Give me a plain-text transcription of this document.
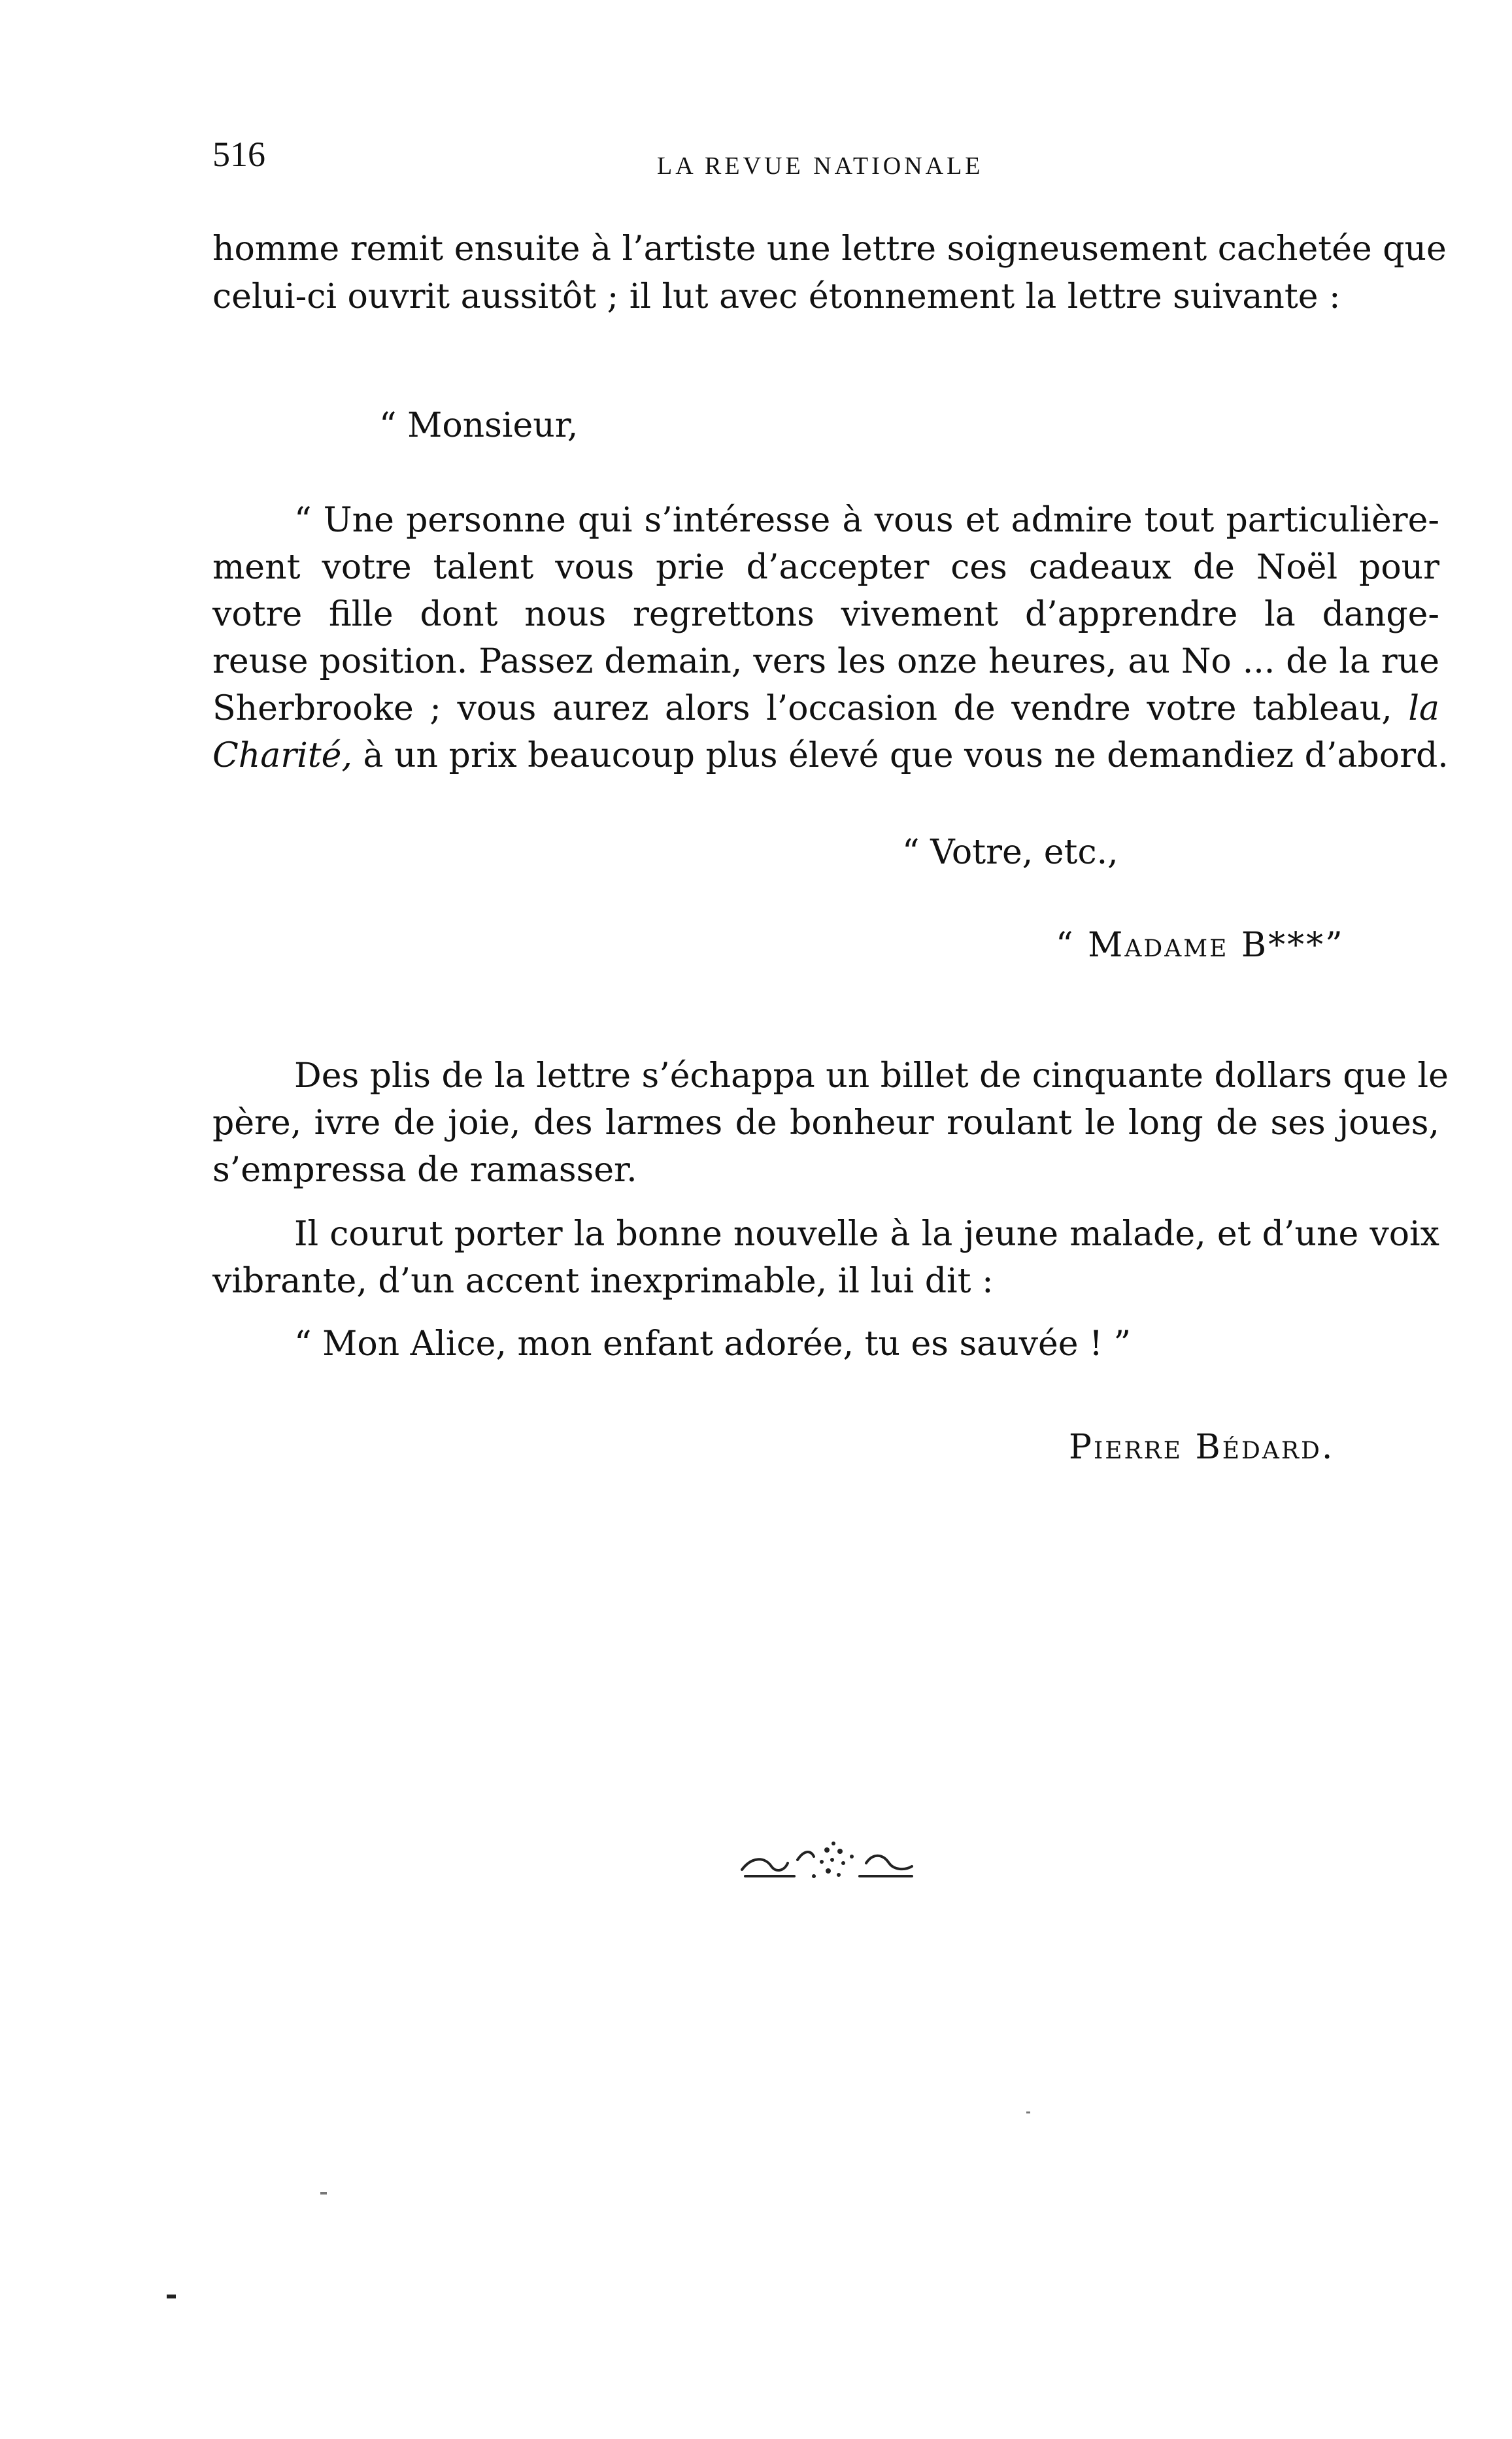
516	LA REVUE NATIONALE
homme remit ensuite à l’artiste une lettre soigneusement cachetée que
celui-ci ouvrit aussitôt ; il lut avec étonnement la lettre suivante :
“ Monsieur,
“ Une personne qui s’intéresse à vous et admire tout particulière-
ment votre talent vous prie d’accepter ces cadeaux de Noël pour
votre fille dont nous regrettons vivement d’apprendre la dange-
reuse position. Passez demain, vers les onze heures, au No ... de la rue
Sherbrooke ; vous aurez alors l’occasion de vendre votre tableau, la
Charité, à un prix beaucoup plus élevé que vous ne demandiez d’abord.
“ Votre, etc.,
“ Madame B***”
Des plis de la lettre s’échappa un billet de cinquante dollars que le
père, ivre de joie, des larmes de bonheur roulant le long de ses joues,
s’empressa de ramasser.
Il courut porter la bonne nouvelle à la jeune malade, et d’une voix
vibrante, d’un accent inexprimable, il lui dit :
“ Mon Alice, mon enfant adorée, tu es sauvée ! ”
Pierre Bédard.
